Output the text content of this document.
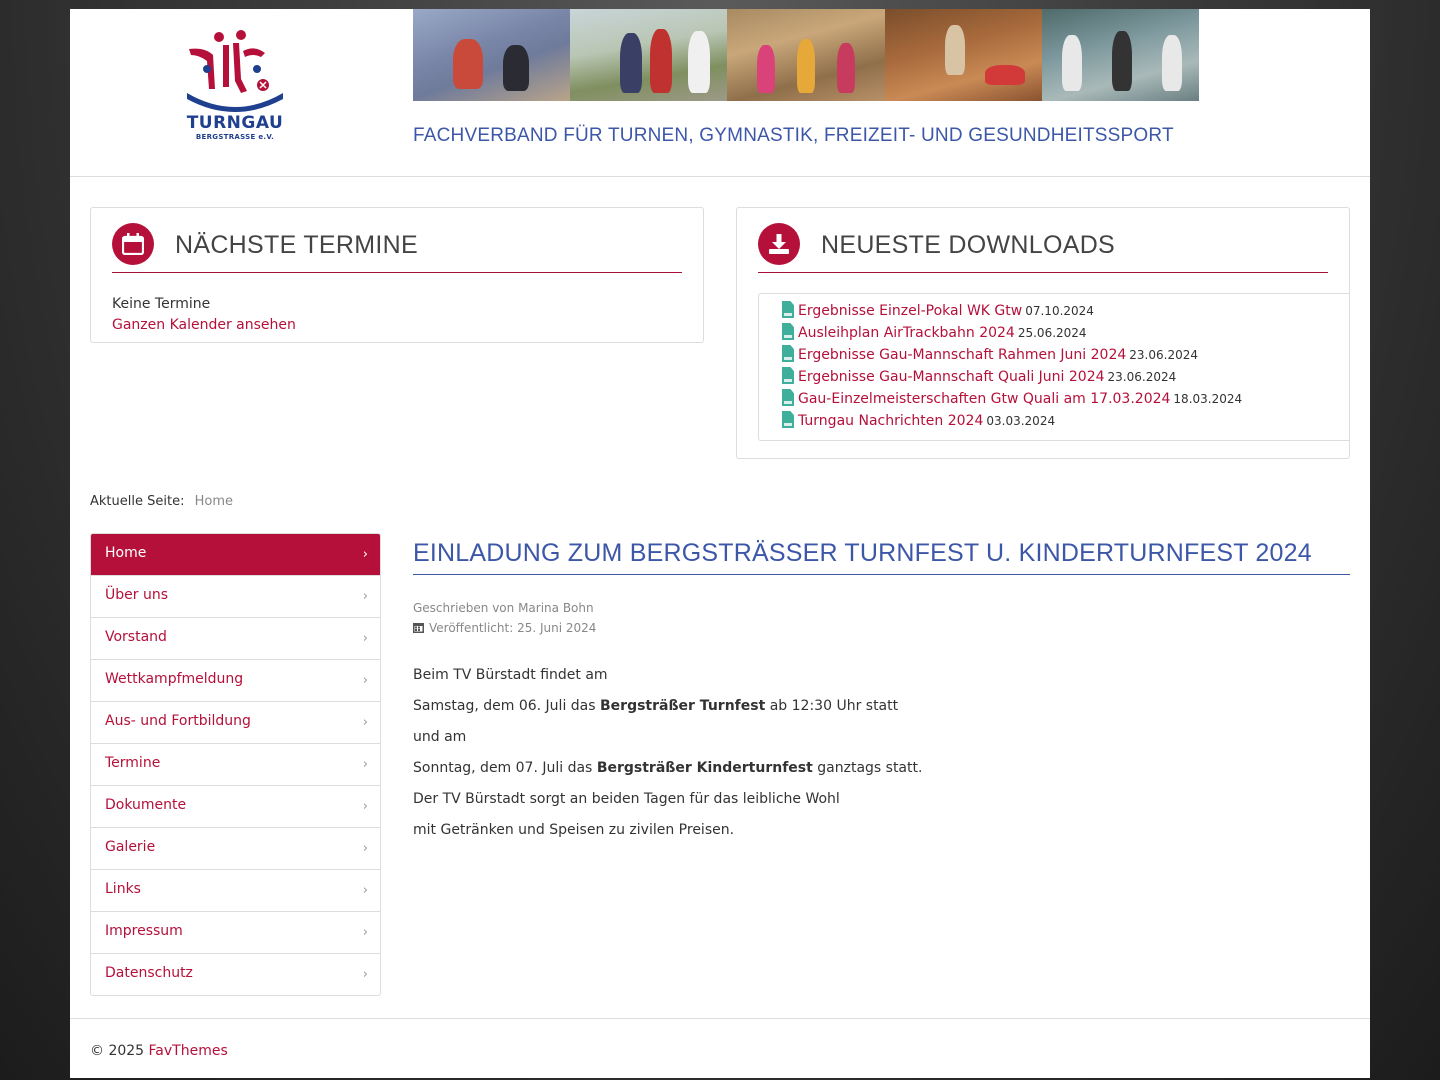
TURNGAU
BERGSTRASSE e.V.	FACHVERBAND FÜR TURNEN, GYMNASTIK, FREIZEIT- UND GESUNDHEITSSPORT
NÄCHSTE TERMINE
Keine Termine
Ganzen Kalender ansehen
NEUESTE DOWNLOADS
Ergebnisse Einzel-Pokal WK Gtw 07.10.2024
Ausleihplan AirTrackbahn 2024 25.06.2024
Ergebnisse Gau-Mannschaft Rahmen Juni 2024 23.06.2024
Ergebnisse Gau-Mannschaft Quali Juni 2024 23.06.2024
Gau-Einzelmeisterschaften Gtw Quali am 17.03.2024 18.03.2024
Turngau Nachrichten 2024 03.03.2024
Aktuelle Seite: Home
Home	›
Über uns	›
Vorstand	›
Wettkampfmeldung	›
Aus- und Fortbildung	›
Termine	›
Dokumente	›
Galerie	›
Links	›
Impressum	›
Datenschutz	›
EINLADUNG ZUM BERGSTRÄSSER TURNFEST U. KINDERTURNFEST 2024
Geschrieben von Marina Bohn
Veröffentlicht: 25. Juni 2024
Beim TV Bürstadt findet am
Samstag, dem 06. Juli das Bergsträßer Turnfest ab 12:30 Uhr statt
und am
Sonntag, dem 07. Juli das Bergsträßer Kinderturnfest ganztags statt.
Der TV Bürstadt sorgt an beiden Tagen für das leibliche Wohl
mit Getränken und Speisen zu zivilen Preisen.
© 2025 FavThemes
